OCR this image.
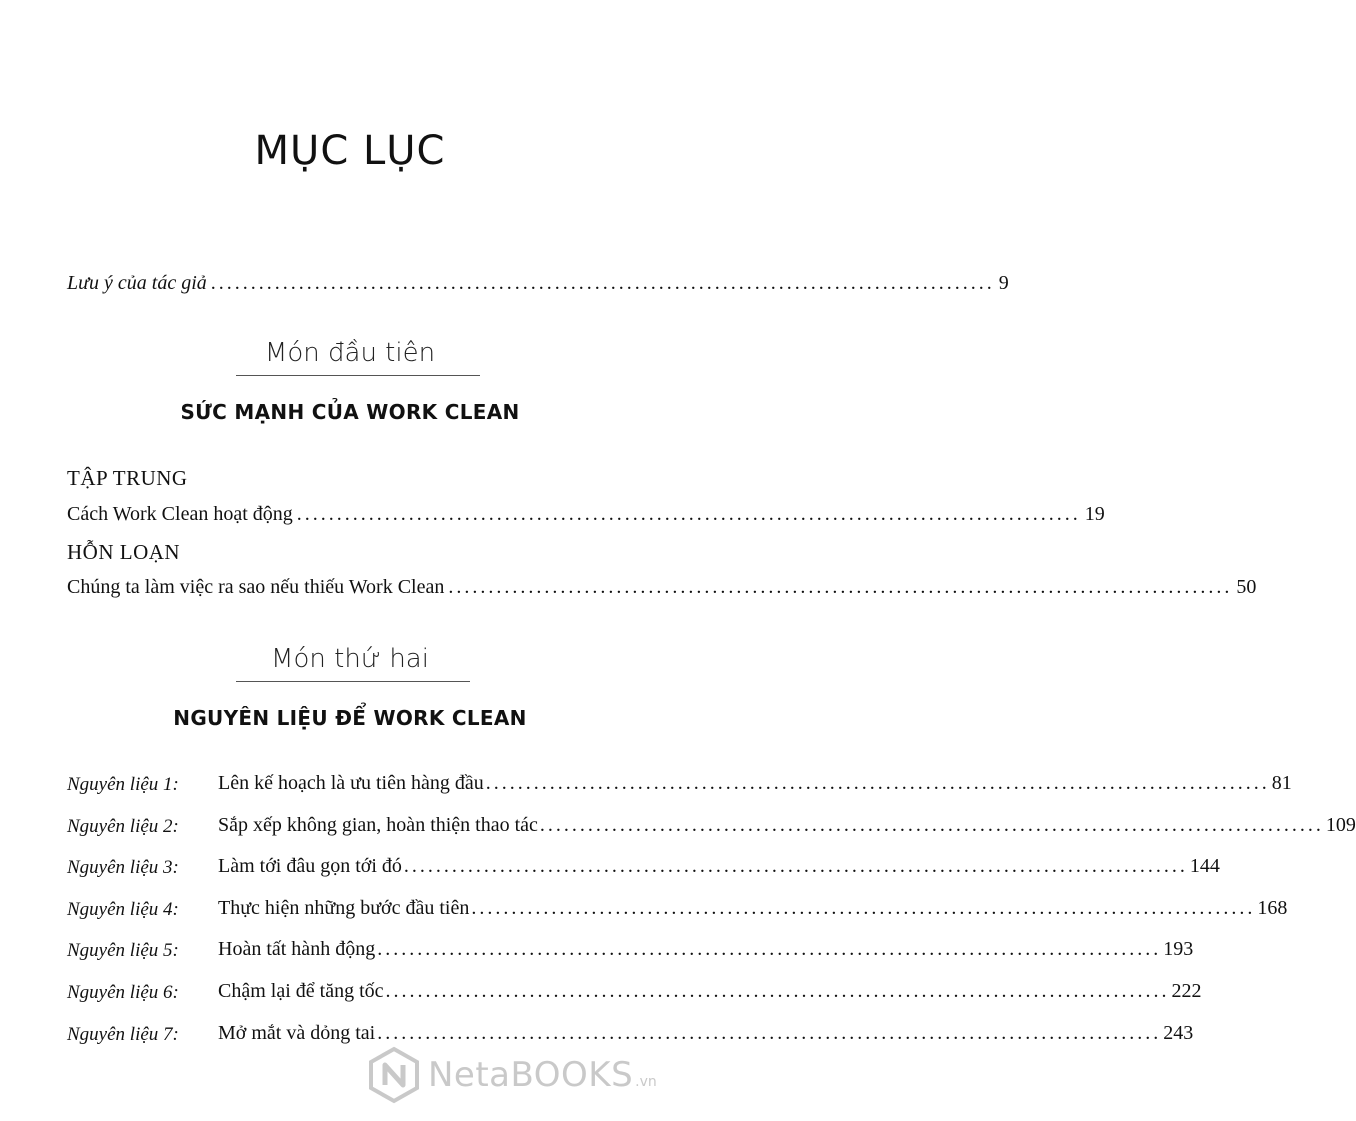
MỤC LỤC
Lưu ý của tác giả .................................................................................................. 9
Món đầu tiên
SỨC MẠNH CỦA WORK CLEAN
TẬP TRUNG
Cách Work Clean hoạt động .................................................................................................. 19
HỖN LOẠN
Chúng ta làm việc ra sao nếu thiếu Work Clean .................................................................................................. 50
Món thứ hai
NGUYÊN LIỆU ĐỂ WORK CLEAN
Nguyên liệu 1: Lên kế hoạch là ưu tiên hàng đầu .................................................................................................. 81
Nguyên liệu 2: Sắp xếp không gian, hoàn thiện thao tác .................................................................................................. 109
Nguyên liệu 3: Làm tới đâu gọn tới đó .................................................................................................. 144
Nguyên liệu 4: Thực hiện những bước đầu tiên .................................................................................................. 168
Nguyên liệu 5: Hoàn tất hành động .................................................................................................. 193
Nguyên liệu 6: Chậm lại để tăng tốc .................................................................................................. 222
Nguyên liệu 7: Mở mắt và dỏng tai .................................................................................................. 243
NetaBOOKS .vn
